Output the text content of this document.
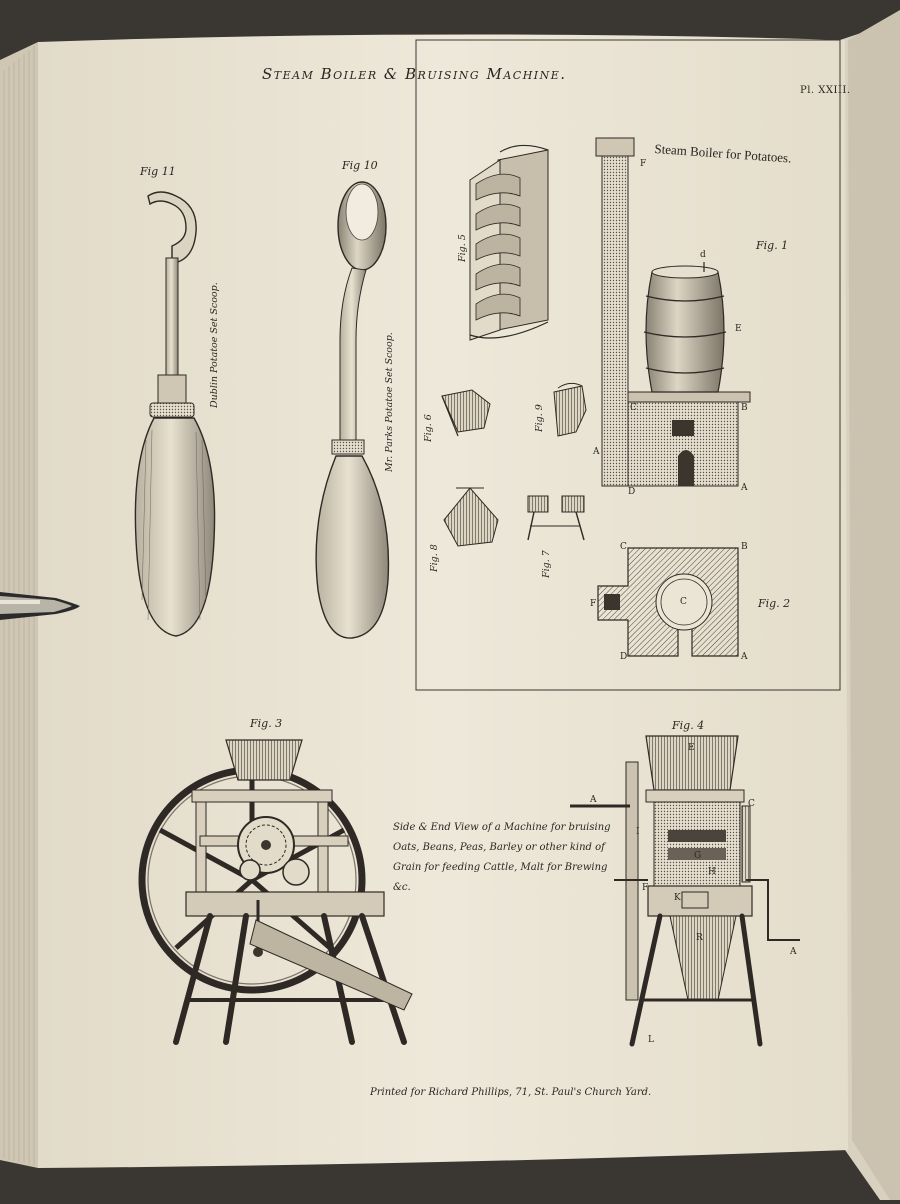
Steam Boiler & Bruising Machine.
Pl. XXIII.
Steam Boiler for Potatoes.
Fig 11
Dublin Potatoe Set Scoop.
Fig 10
Mr. Parks Potatoe Set Scoop.
Fig. 5
Fig. 6	Fig. 9
Fig. 8	Fig. 7
Fig. 1
Fig. 2
Fig. 3	Fig. 4
F
d
E
C	B
A
D	A
C	B
F	C
D	A
E
A	C
I
G
H
F
K
R
A
L
Side & End View of a Machine for bruising Oats, Beans, Peas, Barley or other kind of Grain for feeding Cattle, Malt for Brewing &c.
Printed for Richard Phillips, 71, St. Paul's Church Yard.
